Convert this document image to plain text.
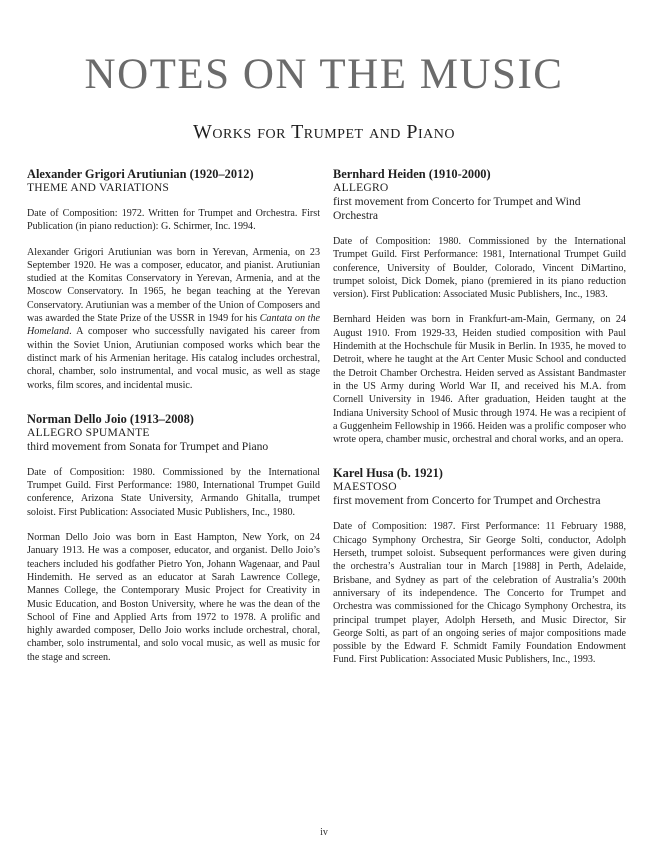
NOTES ON THE MUSIC
Works for Trumpet and Piano

Alexander Grigori Arutiunian (1920–2012)

THEME AND VARIATIONS

Date of Composition: 1972. Written for Trumpet and Orchestra. First Publication (in piano reduction): G. Schirmer, Inc. 1994.

Alexander Grigori Arutiunian was born in Yerevan, Armenia, on 23 September 1920. He was a composer, educator, and pianist. Arutiunian studied at the Komitas Conservatory in Yerevan, Armenia, and at the Moscow Conservatory. In 1965, he began teaching at the Yerevan Conservatory. Arutiunian was a member of the Union of Composers and was awarded the State Prize of the USSR in 1949 for his Cantata on the Homeland. A composer who successfully navigated his career from within the Soviet Union, Arutiunian composed works which bear the distinct mark of his Armenian heritage. His catalog includes orchestral, choral, chamber, solo instrumental, and vocal music, as well as stage works, film scores, and incidental music.

Norman Dello Joio (1913–2008)

ALLEGRO SPUMANTE

third movement from Sonata for Trumpet and Piano

Date of Composition: 1980. Commissioned by the International Trumpet Guild. First Performance: 1980, International Trumpet Guild conference, Arizona State University, Armando Ghitalla, trumpet soloist. First Publication: Associated Music Publishers, Inc., 1980.

Norman Dello Joio was born in East Hampton, New York, on 24 January 1913. He was a composer, educator, and organist. Dello Joio’s teachers included his godfather Pietro Yon, Johann Wagenaar, and Paul Hindemith. He served as an educator at Sarah Lawrence College, Mannes College, the Contemporary Music Project for Creativity in Music Education, and Boston University, where he was the dean of the School of Fine and Applied Arts from 1972 to 1978. A prolific and highly awarded composer, Dello Joio works include orchestral, choral, chamber, solo instrumental, and solo vocal music, as well as music for the stage and screen.

Bernhard Heiden (1910-2000)

ALLEGRO

first movement from Concerto for Trumpet and Wind Orchestra

Date of Composition: 1980. Commissioned by the International Trumpet Guild. First Performance: 1981, International Trumpet Guild conference, University of Boulder, Colorado, Vincent DiMartino, trumpet soloist, Dick Domek, piano (premiered in its piano reduction version). First Publication: Associated Music Publishers, Inc., 1983.

Bernhard Heiden was born in Frankfurt-am-Main, Germany, on 24 August 1910. From 1929-33, Heiden studied composition with Paul Hindemith at the Hochschule für Musik in Berlin. In 1935, he moved to Detroit, where he taught at the Art Center Music School and conducted the Detroit Chamber Orchestra. Heiden served as Assistant Bandmaster in the US Army during World War II, and received his M.A. from Cornell University in 1946. After graduation, Heiden taught at the Indiana University School of Music through 1974. He was a recipient of a Guggenheim Fellowship in 1966. Heiden was a prolific composer who wrote opera, chamber music, orchestral and choral works, and an opera.

Karel Husa (b. 1921)

MAESTOSO

first movement from Concerto for Trumpet and Orchestra

Date of Composition: 1987. First Performance: 11 February 1988, Chicago Symphony Orchestra, Sir George Solti, conductor, Adolph Herseth, trumpet soloist. Subsequent performances were given during the orchestra’s Australian tour in March [1988] in Perth, Adelaide, Brisbane, and Sydney as part of the celebration of Australia’s 200th anniversary of its independence. The Concerto for Trumpet and Orchestra was commissioned for the Chicago Symphony Orchestra, its principal trumpet player, Adolph Herseth, and Music Director, Sir George Solti, as part of an ongoing series of major compositions made possible by the Edward F. Schmidt Family Foundation Endowment Fund. First Publication: Associated Music Publishers, Inc., 1993.

iv
